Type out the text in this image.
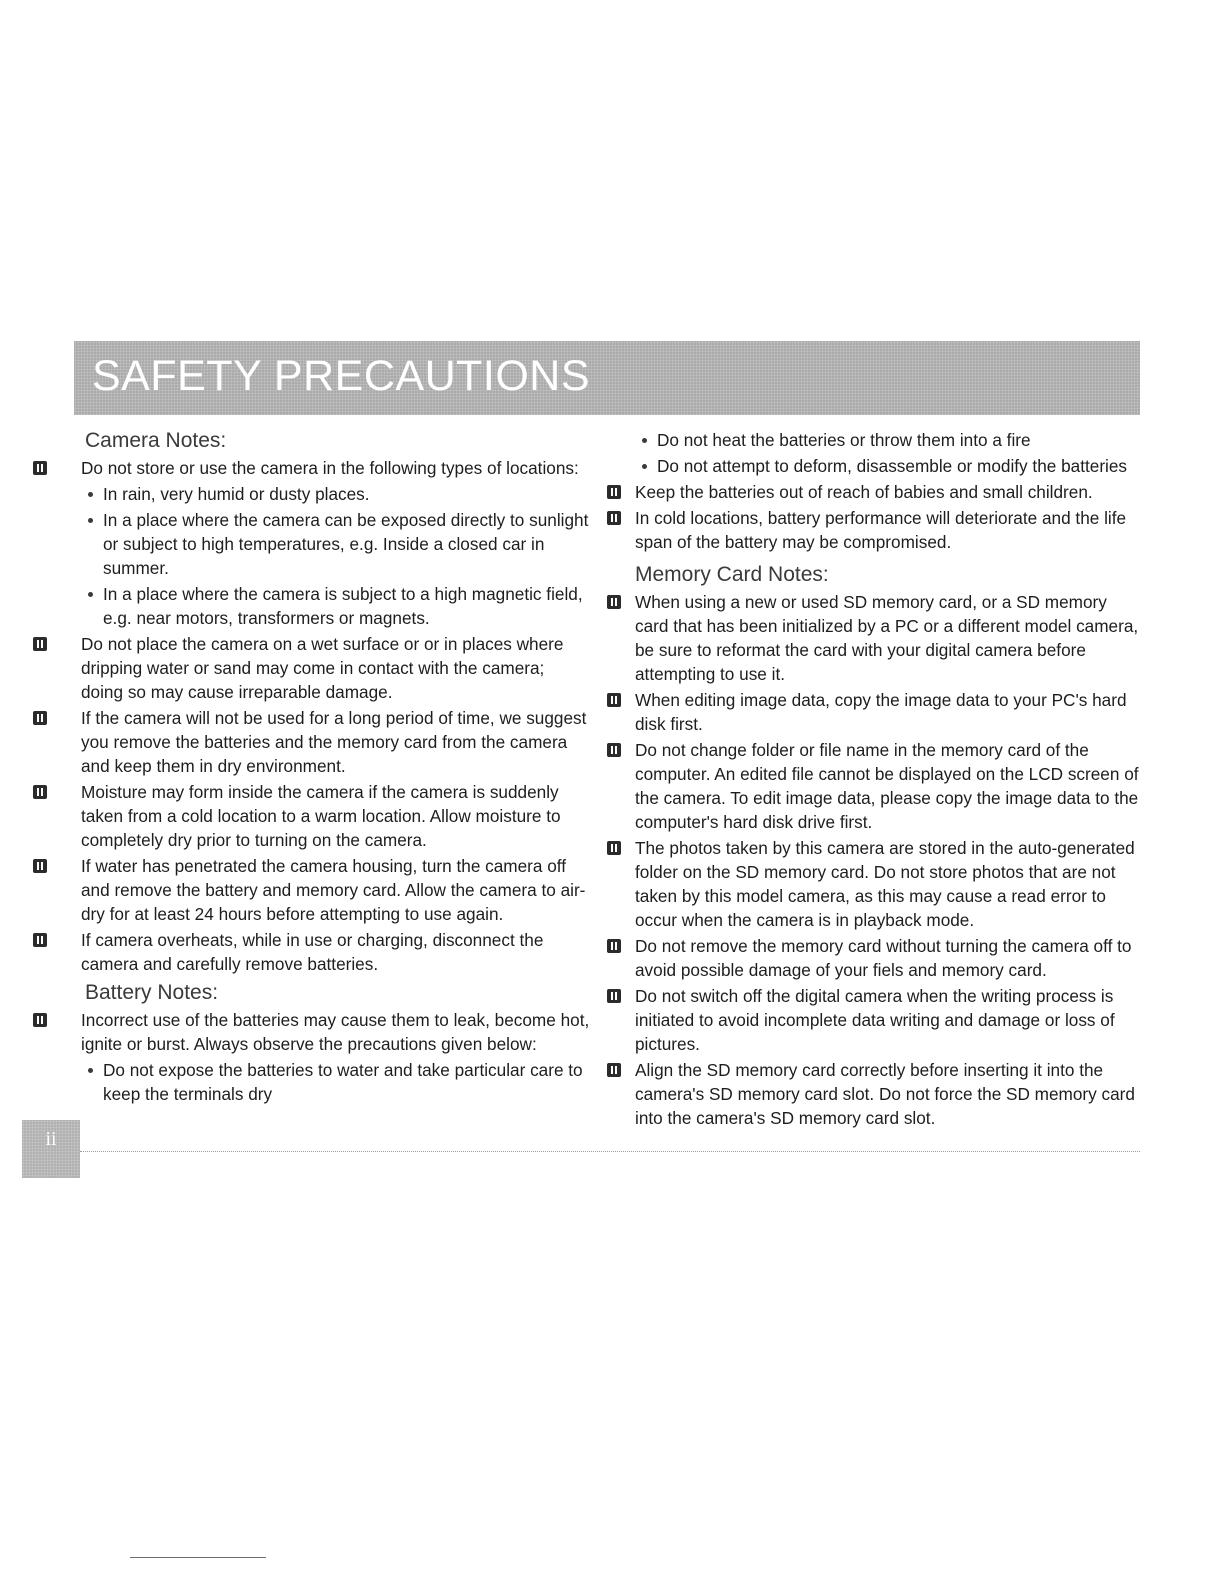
SAFETY PRECAUTIONS
Camera Notes:
Do not store or use the camera in the following types of locations:
In rain, very humid or dusty places.
In a place where the camera can be exposed directly to sunlight or subject to high temperatures, e.g. Inside a closed car in summer.
In a place where the camera is subject to a high magnetic field, e.g. near motors, transformers or magnets.
Do not place the camera on a wet surface or or in places where dripping water or sand may come in contact with the camera; doing so may cause irreparable damage.
If the camera will not be used for a long period of time, we suggest you remove the batteries and the memory card from the camera and keep them in dry environment.
Moisture may form inside the camera if the camera is suddenly taken from a cold location to a warm location. Allow moisture to completely dry prior to turning on the camera.
If water has penetrated the camera housing, turn the camera off and remove the battery and memory card. Allow the camera to air-dry for at least 24 hours before attempting to use again.
If camera overheats, while in use or charging, disconnect the camera and carefully remove batteries.
Battery Notes:
Incorrect use of the batteries may cause them to leak, become hot, ignite or burst. Always observe the precautions given below:
Do not expose the batteries to water and take particular care to keep the terminals dry
Do not heat the batteries or throw them into a fire
Do not attempt to deform, disassemble or modify the batteries
Keep the batteries out of reach of babies and small children.
In cold locations, battery performance will deteriorate and the life span of the battery may be compromised.
Memory Card Notes:
When using a new or used SD memory card, or a SD memory card that has been initialized by a PC or a different model camera, be sure to reformat the card with your digital camera before attempting to use it.
When editing image data, copy the image data to your PC's hard disk first.
Do not change folder or file name in the memory card of the computer. An edited file cannot be displayed on the LCD screen of the camera. To edit image data, please copy the image data to the computer's hard disk drive first.
The photos taken by this camera are stored in the auto-generated folder on the SD memory card. Do not store photos that are not taken by this model camera, as this may cause a read error to occur when the camera is in playback mode.
Do not remove the memory card without turning the camera off to avoid possible damage of your fiels and memory card.
Do not switch off the digital camera when the writing process is initiated to avoid incomplete data writing and damage or loss of pictures.
Align the SD memory card correctly before inserting it into the camera's SD memory card slot. Do not force the SD memory card into the camera's SD memory card slot.
ii
